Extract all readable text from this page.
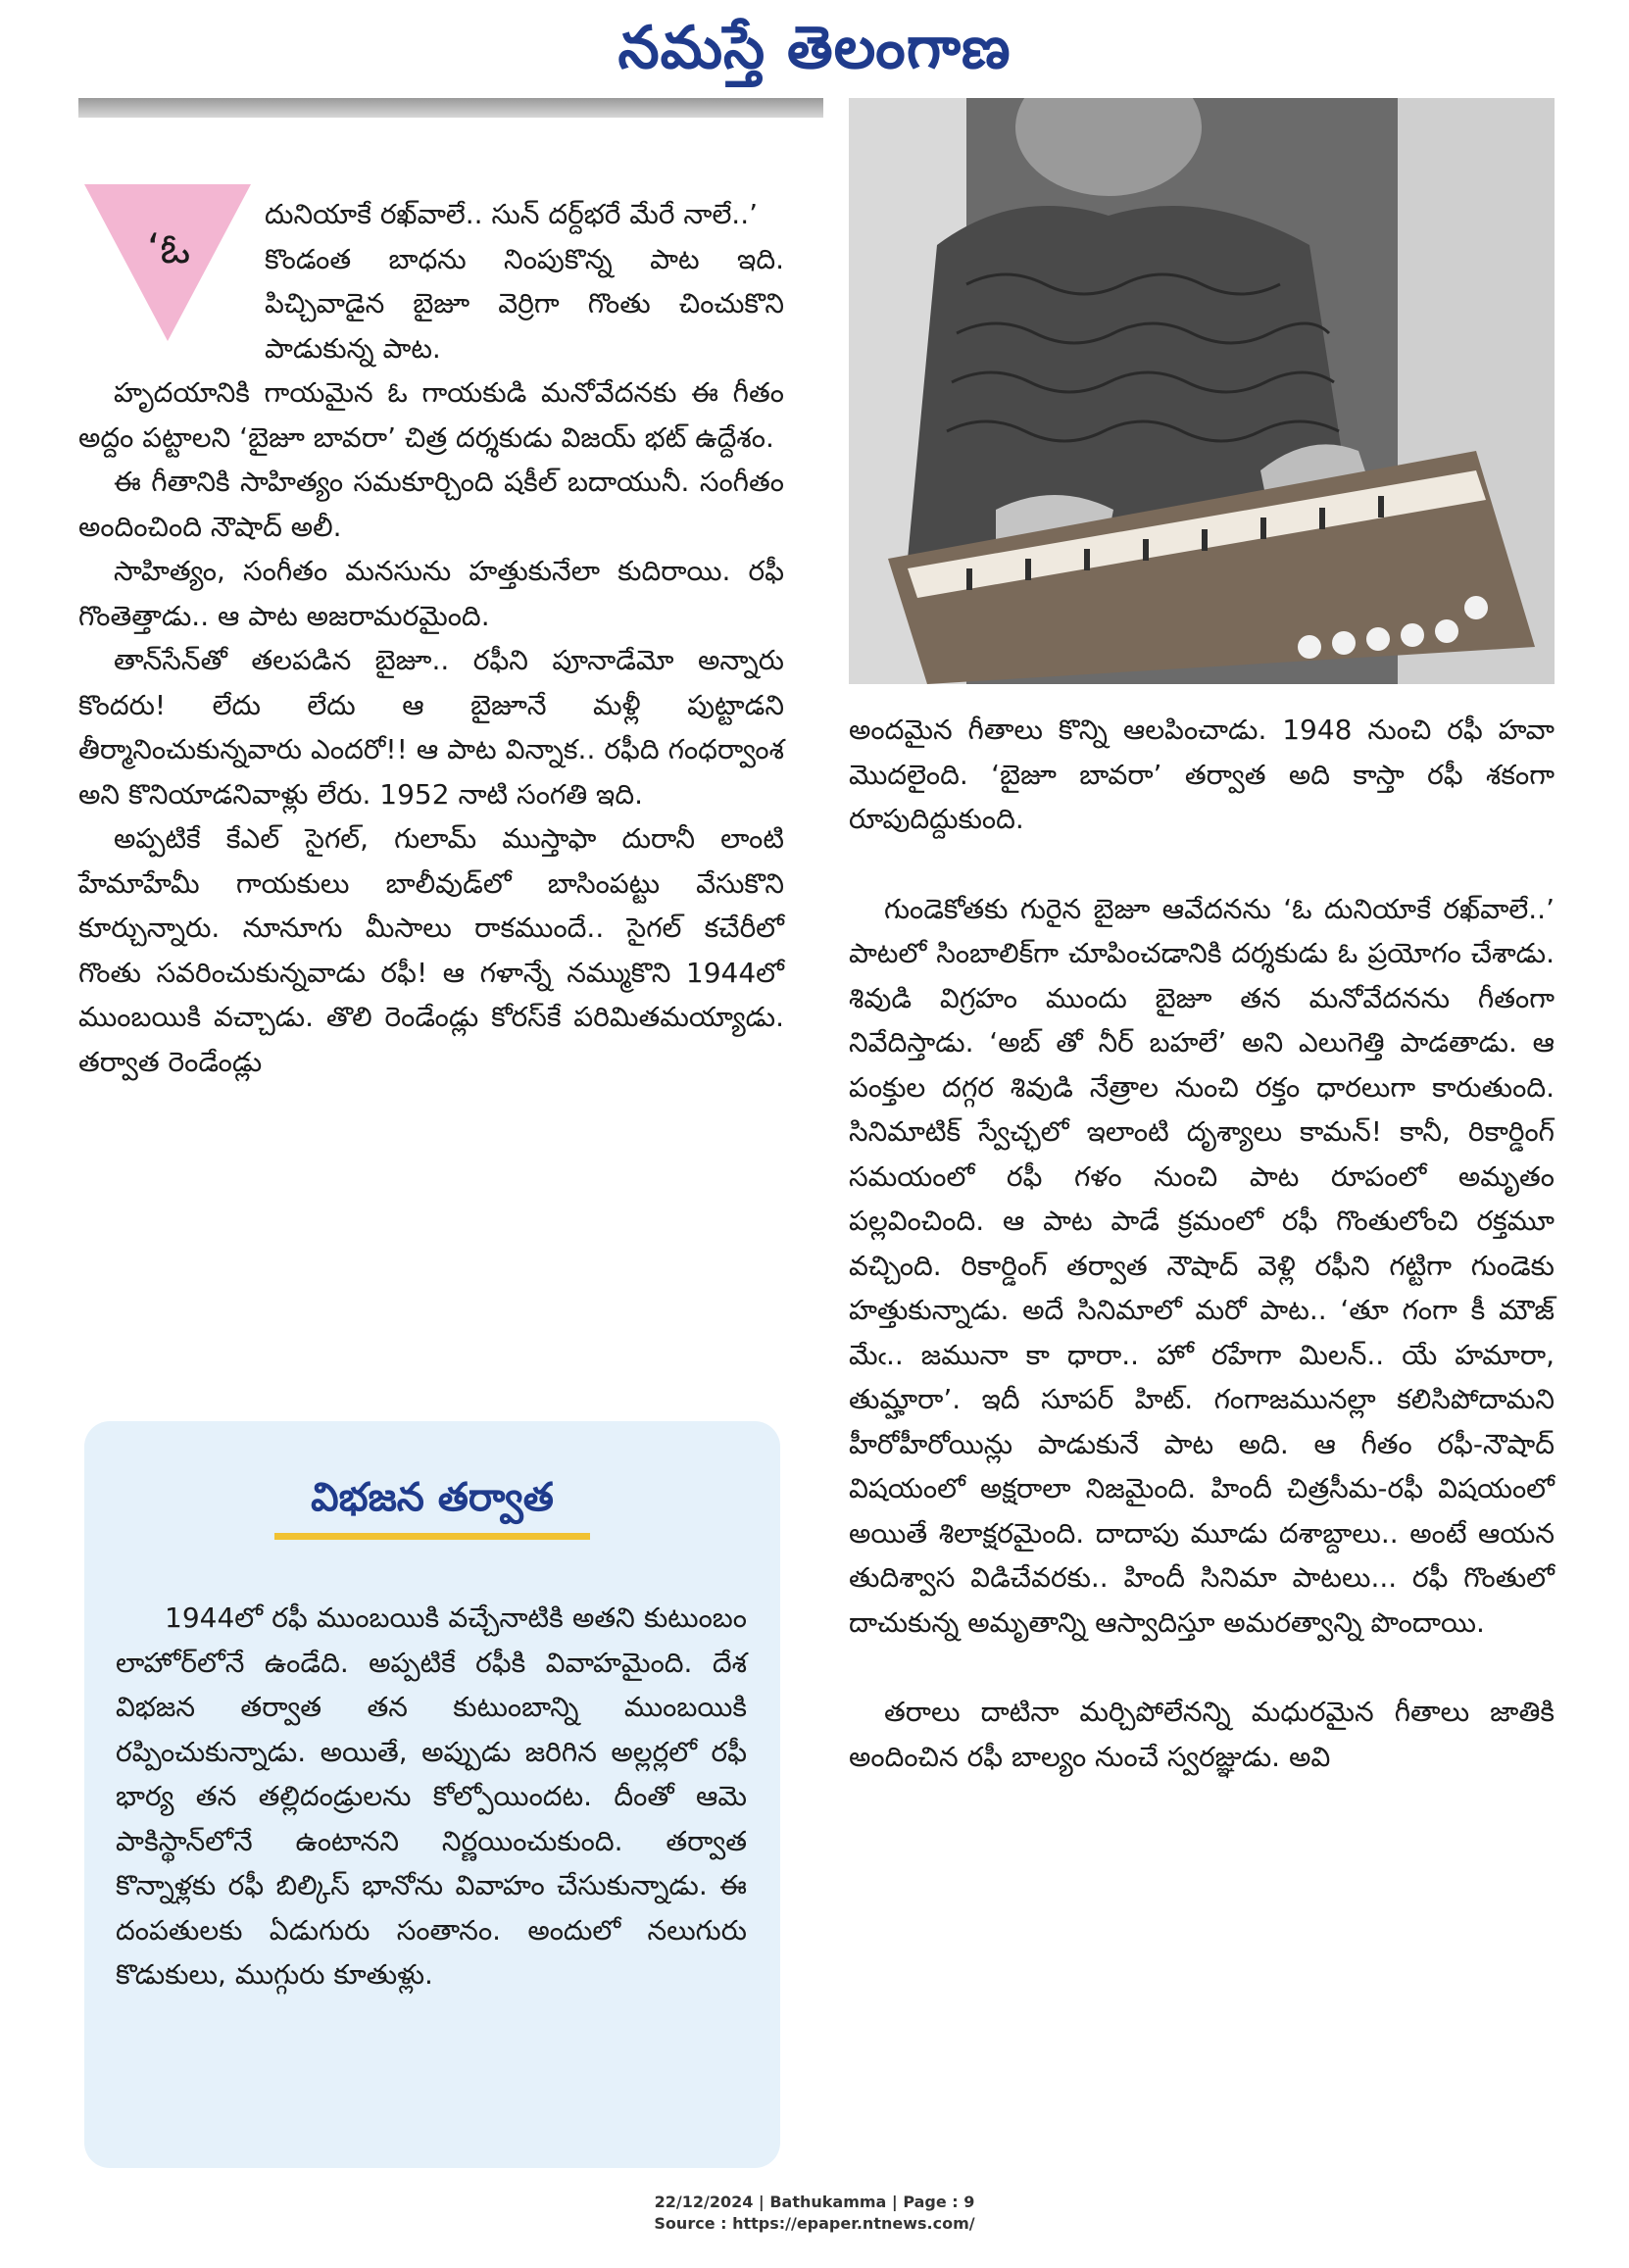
నమస్తే తెలంగాణ
‘ఓ

దునియాకే రఖ్‌వాలే.. సున్ దర్ద్‌భరే మేరే నాలే..’

కొండంత బాధను నింపుకొన్న పాట ఇది. పిచ్చివాడైన బైజూ వెర్రిగా గొంతు చించుకొని పాడుకున్న పాట.

హృదయానికి గాయమైన ఓ గాయకుడి మనోవేదనకు ఈ గీతం అద్దం పట్టాలని ‘బైజూ బావరా’ చిత్ర దర్శకుడు విజయ్ భట్ ఉద్దేశం.

ఈ గీతానికి సాహిత్యం సమకూర్చింది షకీల్ బదాయునీ. సంగీతం అందించింది నౌషాద్ అలీ.

సాహిత్యం, సంగీతం మనసును హత్తుకునేలా కుదిరాయి. రఫీ గొంతెత్తాడు.. ఆ పాట అజరామరమైంది.

తాన్‌సేన్‌తో తలపడిన బైజూ.. రఫీని పూనాడేమో అన్నారు కొందరు! లేదు లేదు ఆ బైజూనే మళ్లీ పుట్టాడని తీర్మానించుకున్నవారు ఎందరో!! ఆ పాట విన్నాక.. రఫీది గంధర్వాంశ అని కొనియాడనివాళ్లు లేరు. 1952 నాటి సంగతి ఇది.

అప్పటికే కేఎల్ సైగల్, గులామ్ ముస్తాఫా దురానీ లాంటి హేమాహేమీ గాయకులు బాలీవుడ్‌లో బాసింపట్టు వేసుకొని కూర్చున్నారు. నూనూగు మీసాలు రాకముందే.. సైగల్ కచేరీలో గొంతు సవరించుకున్నవాడు రఫీ! ఆ గళాన్నే నమ్ముకొని 1944లో ముంబయికి వచ్చాడు. తొలి రెండేండ్లు కోరస్‌కే పరిమితమయ్యాడు. తర్వాత రెండేండ్లు

విభజన తర్వాత

1944లో రఫీ ముంబయికి వచ్చేనాటికి అతని కుటుంబం లాహోర్‌లోనే ఉండేది. అప్పటికే రఫీకి వివాహమైంది. దేశ విభజన తర్వాత తన కుటుంబాన్ని ముంబయికి రప్పించుకున్నాడు. అయితే, అప్పుడు జరిగిన అల్లర్లలో రఫీ భార్య తన తల్లిదండ్రులను కోల్పోయిందట. దీంతో ఆమె పాకిస్థాన్‌లోనే ఉంటానని నిర్ణయించుకుంది. తర్వాత కొన్నాళ్లకు రఫీ బిల్కిస్ భానోను వివాహం చేసుకున్నాడు. ఈ దంపతులకు ఏడుగురు సంతానం. అందులో నలుగురు కొడుకులు, ముగ్గురు కూతుళ్లు.

అందమైన గీతాలు కొన్ని ఆలపించాడు. 1948 నుంచి రఫీ హవా మొదలైంది. ‘బైజూ బావరా’ తర్వాత అది కాస్తా రఫీ శకంగా రూపుదిద్దుకుంది.

గుండెకోతకు గురైన బైజూ ఆవేదనను ‘ఓ దునియాకే రఖ్‌వాలే..’ పాటలో సింబాలిక్‌గా చూపించడానికి దర్శకుడు ఓ ప్రయోగం చేశాడు. శివుడి విగ్రహం ముందు బైజూ తన మనోవేదనను గీతంగా నివేదిస్తాడు. ‘అబ్ తో నీర్ బహలే’ అని ఎలుగెత్తి పాడతాడు. ఆ పంక్తుల దగ్గర శివుడి నేత్రాల నుంచి రక్తం ధారలుగా కారుతుంది. సినిమాటిక్ స్వేచ్ఛలో ఇలాంటి దృశ్యాలు కామన్! కానీ, రికార్డింగ్ సమయంలో రఫీ గళం నుంచి పాట రూపంలో అమృతం పల్లవించింది. ఆ పాట పాడే క్రమంలో రఫీ గొంతులోంచి రక్తమూ వచ్చింది. రికార్డింగ్ తర్వాత నౌషాద్ వెళ్లి రఫీని గట్టిగా గుండెకు హత్తుకున్నాడు. అదే సినిమాలో మరో పాట.. ‘తూ గంగా కీ మౌజ్ మేఁ.. జమునా కా ధారా.. హో రహేగా మిలన్.. యే హమారా, తుమ్హారా’. ఇదీ సూపర్ హిట్. గంగాజమునల్లా కలిసిపోదామని హీరోహీరోయిన్లు పాడుకునే పాట అది. ఆ గీతం రఫీ-నౌషాద్ విషయంలో అక్షరాలా నిజమైంది. హిందీ చిత్రసీమ-రఫీ విషయంలో అయితే శిలాక్షరమైంది. దాదాపు మూడు దశాబ్దాలు.. అంటే ఆయన తుదిశ్వాస విడిచేవరకు.. హిందీ సినిమా పాటలు... రఫీ గొంతులో దాచుకున్న అమృతాన్ని ఆస్వాదిస్తూ అమరత్వాన్ని పొందాయి.

తరాలు దాటినా మర్చిపోలేనన్ని మధురమైన గీతాలు జాతికి అందించిన రఫీ బాల్యం నుంచే స్వరజ్ఞుడు. అవి

22/12/2024 | Bathukamma | Page : 9
Source : https://epaper.ntnews.com/
